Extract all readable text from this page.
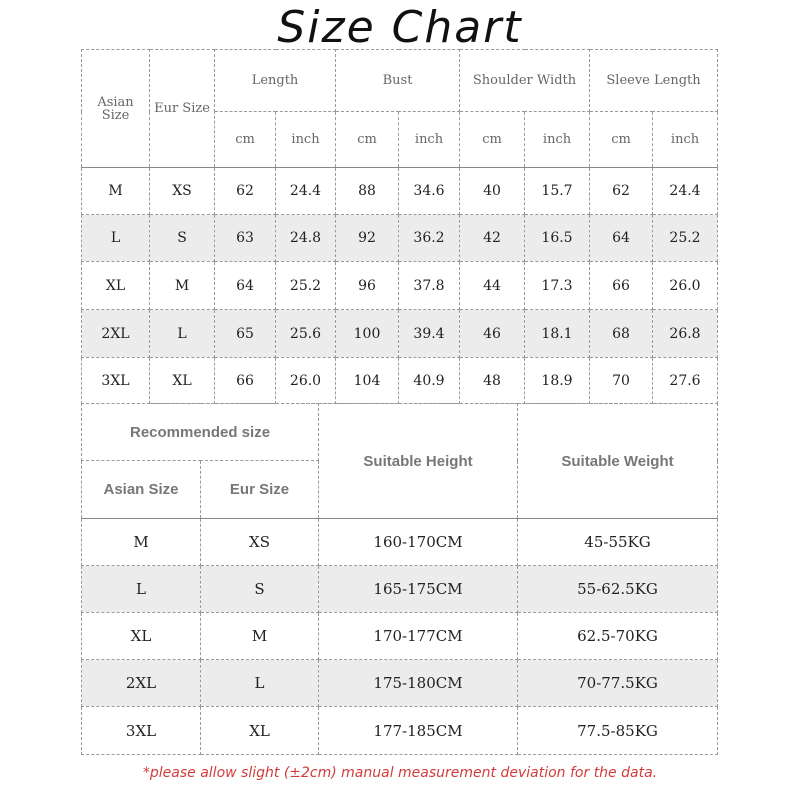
Size Chart
Asian Size	Eur Size	Length		Bust		Shoulder Width		Sleeve Length	
		cm	inch	cm	inch	cm	inch	cm	inch
M	XS	62	24.4	88	34.6	40	15.7	62	24.4
L	S	63	24.8	92	36.2	42	16.5	64	25.2
XL	M	64	25.2	96	37.8	44	17.3	66	26.0
2XL	L	65	25.6	100	39.4	46	18.1	68	26.8
3XL	XL	66	26.0	104	40.9	48	18.9	70	27.6
Recommended size		Suitable Height	Suitable Weight
Asian Size	Eur Size		
M	XS	160-170CM	45-55KG
L	S	165-175CM	55-62.5KG
XL	M	170-177CM	62.5-70KG
2XL	L	175-180CM	70-77.5KG
3XL	XL	177-185CM	77.5-85KG
*please allow slight (±2cm) manual measurement deviation for the data.
